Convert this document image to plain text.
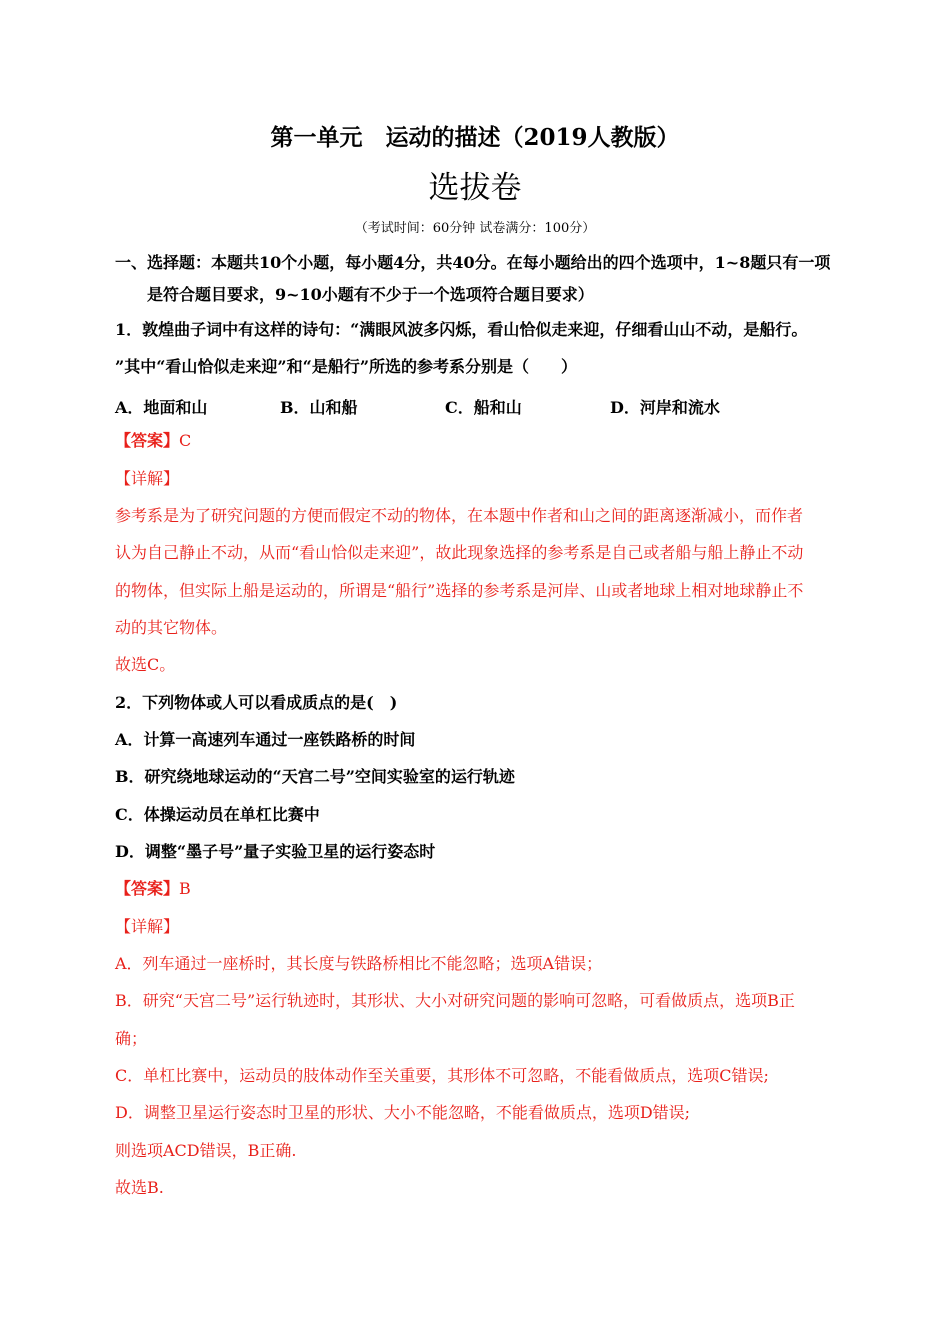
第一单元　运动的描述（2019人教版）
选拔卷
（考试时间：60分钟 试卷满分：100分）
一、选择题：本题共10个小题，每小题4分，共40分。在每小题给出的四个选项中，1~8题只有一项
是符合题目要求，9~10小题有不少于一个选项符合题目要求）
1．敦煌曲子词中有这样的诗句：“满眼风波多闪烁，看山恰似走来迎，仔细看山山不动，是船行。
”其中“看山恰似走来迎”和“是船行”所选的参考系分别是（　　）
A．地面和山	B．山和船	C．船和山	D．河岸和流水
【答案】C
【详解】
参考系是为了研究问题的方便而假定不动的物体，在本题中作者和山之间的距离逐渐减小，而作者
认为自己静止不动，从而“看山恰似走来迎”，故此现象选择的参考系是自己或者船与船上静止不动
的物体，但实际上船是运动的，所谓是“船行”选择的参考系是河岸、山或者地球上相对地球静止不
动的其它物体。
故选C。
2．下列物体或人可以看成质点的是(　)
A．计算一高速列车通过一座铁路桥的时间
B．研究绕地球运动的“天宫二号”空间实验室的运行轨迹
C．体操运动员在单杠比赛中
D．调整“墨子号”量子实验卫星的运行姿态时
【答案】B
【详解】
A．列车通过一座桥时，其长度与铁路桥相比不能忽略；选项A错误；
B．研究“天宫二号”运行轨迹时，其形状、大小对研究问题的影响可忽略，可看做质点，选项B正
确；
C．单杠比赛中，运动员的肢体动作至关重要，其形体不可忽略，不能看做质点，选项C错误;
D．调整卫星运行姿态时卫星的形状、大小不能忽略，不能看做质点，选项D错误;
则选项ACD错误，B正确.
故选B.
